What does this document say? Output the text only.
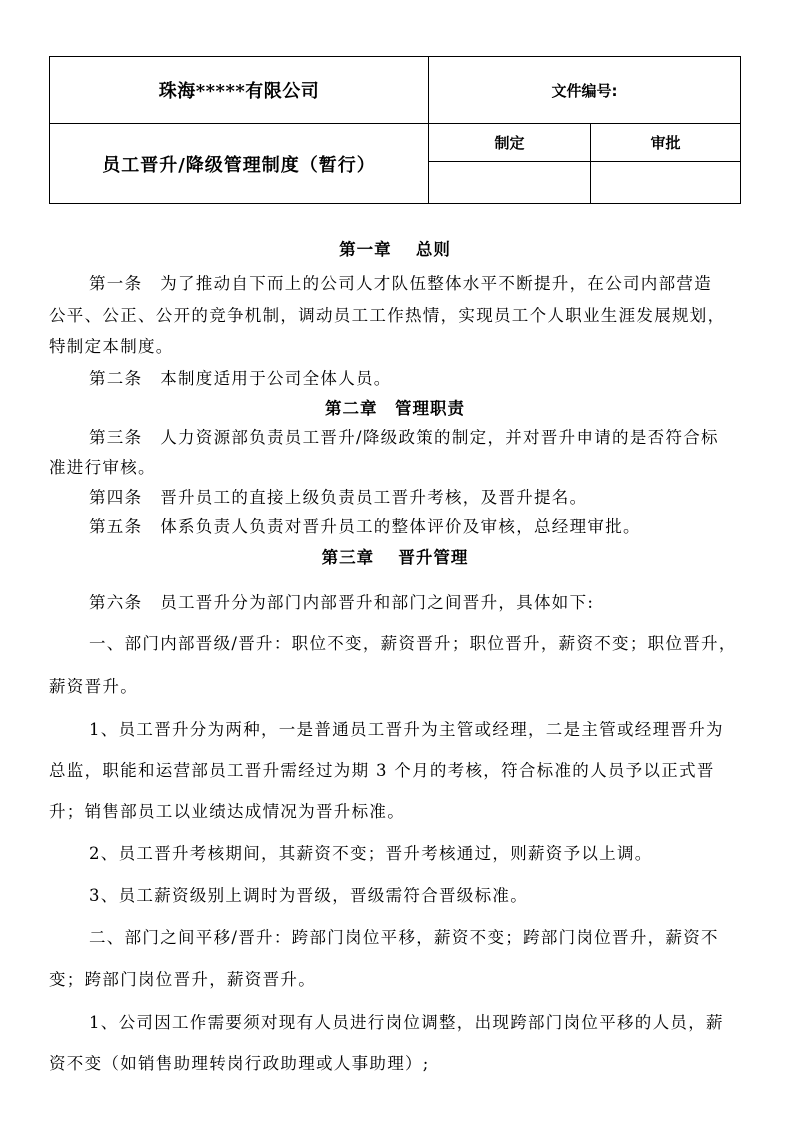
珠海*****有限公司	文件编号:
员工晋升/降级管理制度（暂行）
制定	审批
第一章　 总则
第一条　为了推动自下而上的公司人才队伍整体水平不断提升，在公司内部营造
公平、公正、公开的竞争机制，调动员工工作热情，实现员工个人职业生涯发展规划，
特制定本制度。
第二条　本制度适用于公司全体人员。
第二章　管理职责
第三条　人力资源部负责员工晋升/降级政策的制定，并对晋升申请的是否符合标
准进行审核。
第四条　晋升员工的直接上级负责员工晋升考核，及晋升提名。
第五条　体系负责人负责对晋升员工的整体评价及审核，总经理审批。
第三章　 晋升管理
第六条　员工晋升分为部门内部晋升和部门之间晋升，具体如下:
一、部门内部晋级/晋升：职位不变，薪资晋升；职位晋升，薪资不变；职位晋升，
薪资晋升。
1、员工晋升分为两种，一是普通员工晋升为主管或经理，二是主管或经理晋升为
总监，职能和运营部员工晋升需经过为期 3 个月的考核，符合标准的人员予以正式晋
升；销售部员工以业绩达成情况为晋升标准。
2、员工晋升考核期间，其薪资不变；晋升考核通过，则薪资予以上调。
3、员工薪资级别上调时为晋级，晋级需符合晋级标准。
二、部门之间平移/晋升：跨部门岗位平移，薪资不变；跨部门岗位晋升，薪资不
变；跨部门岗位晋升，薪资晋升。
1、公司因工作需要须对现有人员进行岗位调整，出现跨部门岗位平移的人员，薪
资不变（如销售助理转岗行政助理或人事助理）;
